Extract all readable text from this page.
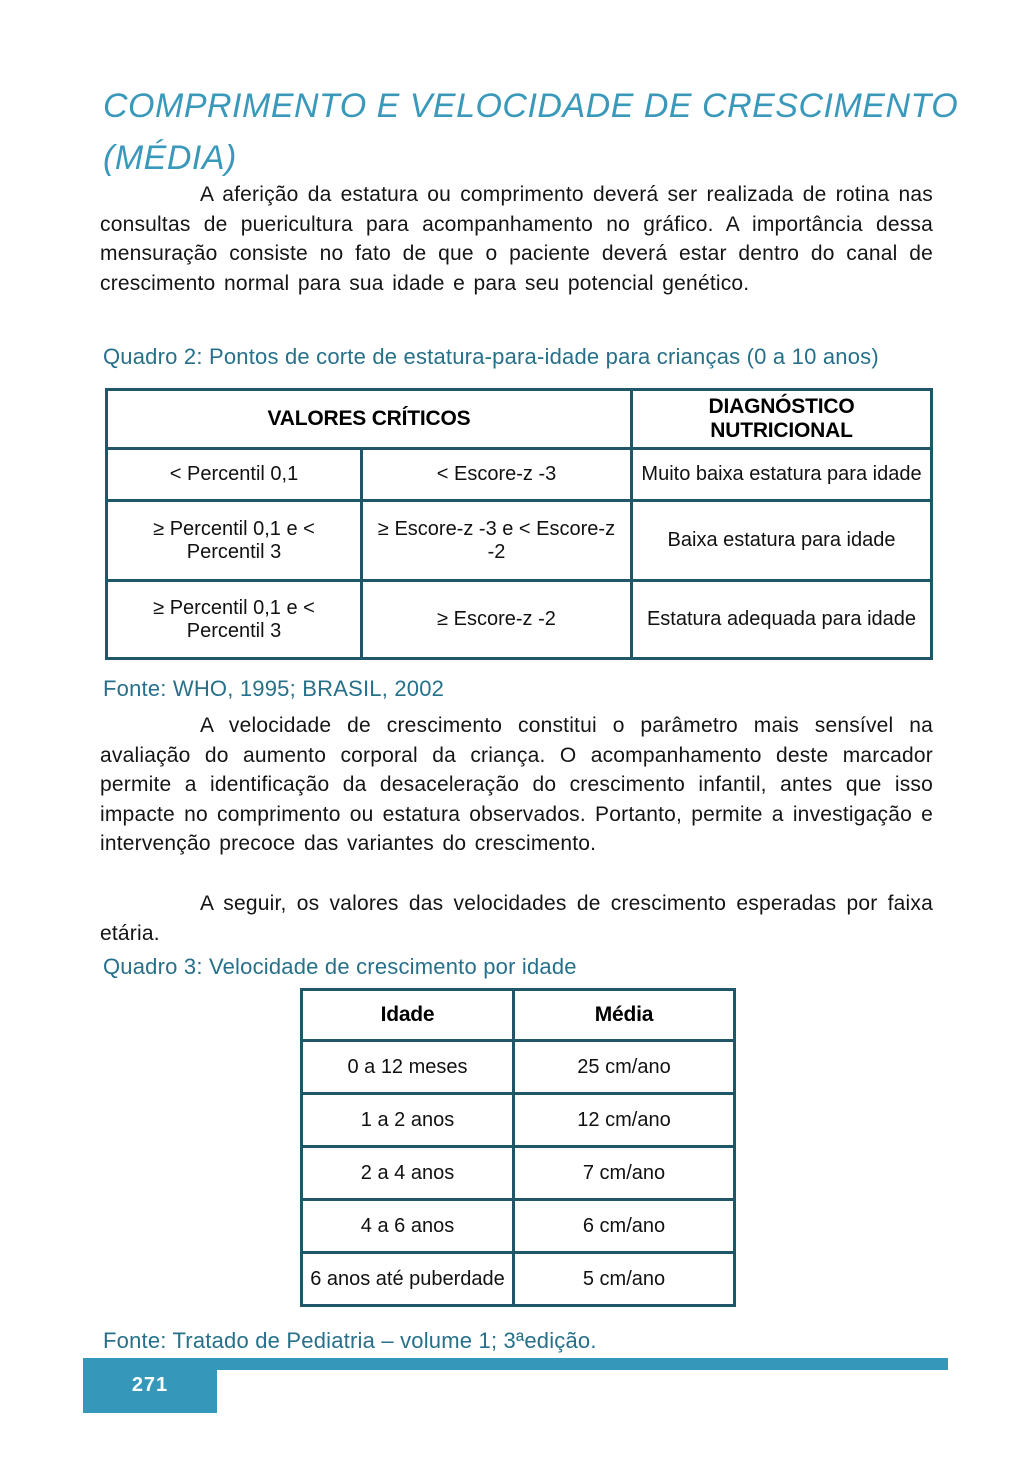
COMPRIMENTO E VELOCIDADE DE CRESCIMENTO (MÉDIA)

A aferição da estatura ou comprimento deverá ser realizada de rotina nas consultas de puericultura para acompanhamento no gráfico. A importância dessa mensuração consiste no fato de que o paciente deverá estar dentro do canal de crescimento normal para sua idade e para seu potencial genético.

Quadro 2: Pontos de corte de estatura-para-idade para crianças (0 a 10 anos)
VALORES CRÍTICOS		DIAGNÓSTICO NUTRICIONAL
< Percentil 0,1	< Escore-z -3	Muito baixa estatura para idade
≥ Percentil 0,1 e < Percentil 3	≥ Escore-z -3 e < Escore-z -2	Baixa estatura para idade
≥ Percentil 0,1 e < Percentil 3	≥ Escore-z -2	Estatura adequada para idade
Fonte: WHO, 1995; BRASIL, 2002

A velocidade de crescimento constitui o parâmetro mais sensível na avaliação do aumento corporal da criança. O acompanhamento deste marcador permite a identificação da desaceleração do crescimento infantil, antes que isso impacte no comprimento ou estatura observados. Portanto, permite a investigação e intervenção precoce das variantes do crescimento.

A seguir, os valores das velocidades de crescimento esperadas por faixa etária.

Quadro 3: Velocidade de crescimento por idade
Idade	Média
0 a 12 meses	25 cm/ano
1 a 2 anos	12 cm/ano
2 a 4 anos	7 cm/ano
4 a 6 anos	6 cm/ano
6 anos até puberdade	5 cm/ano
Fonte: Tratado de Pediatria – volume 1; 3ªedição.
271
